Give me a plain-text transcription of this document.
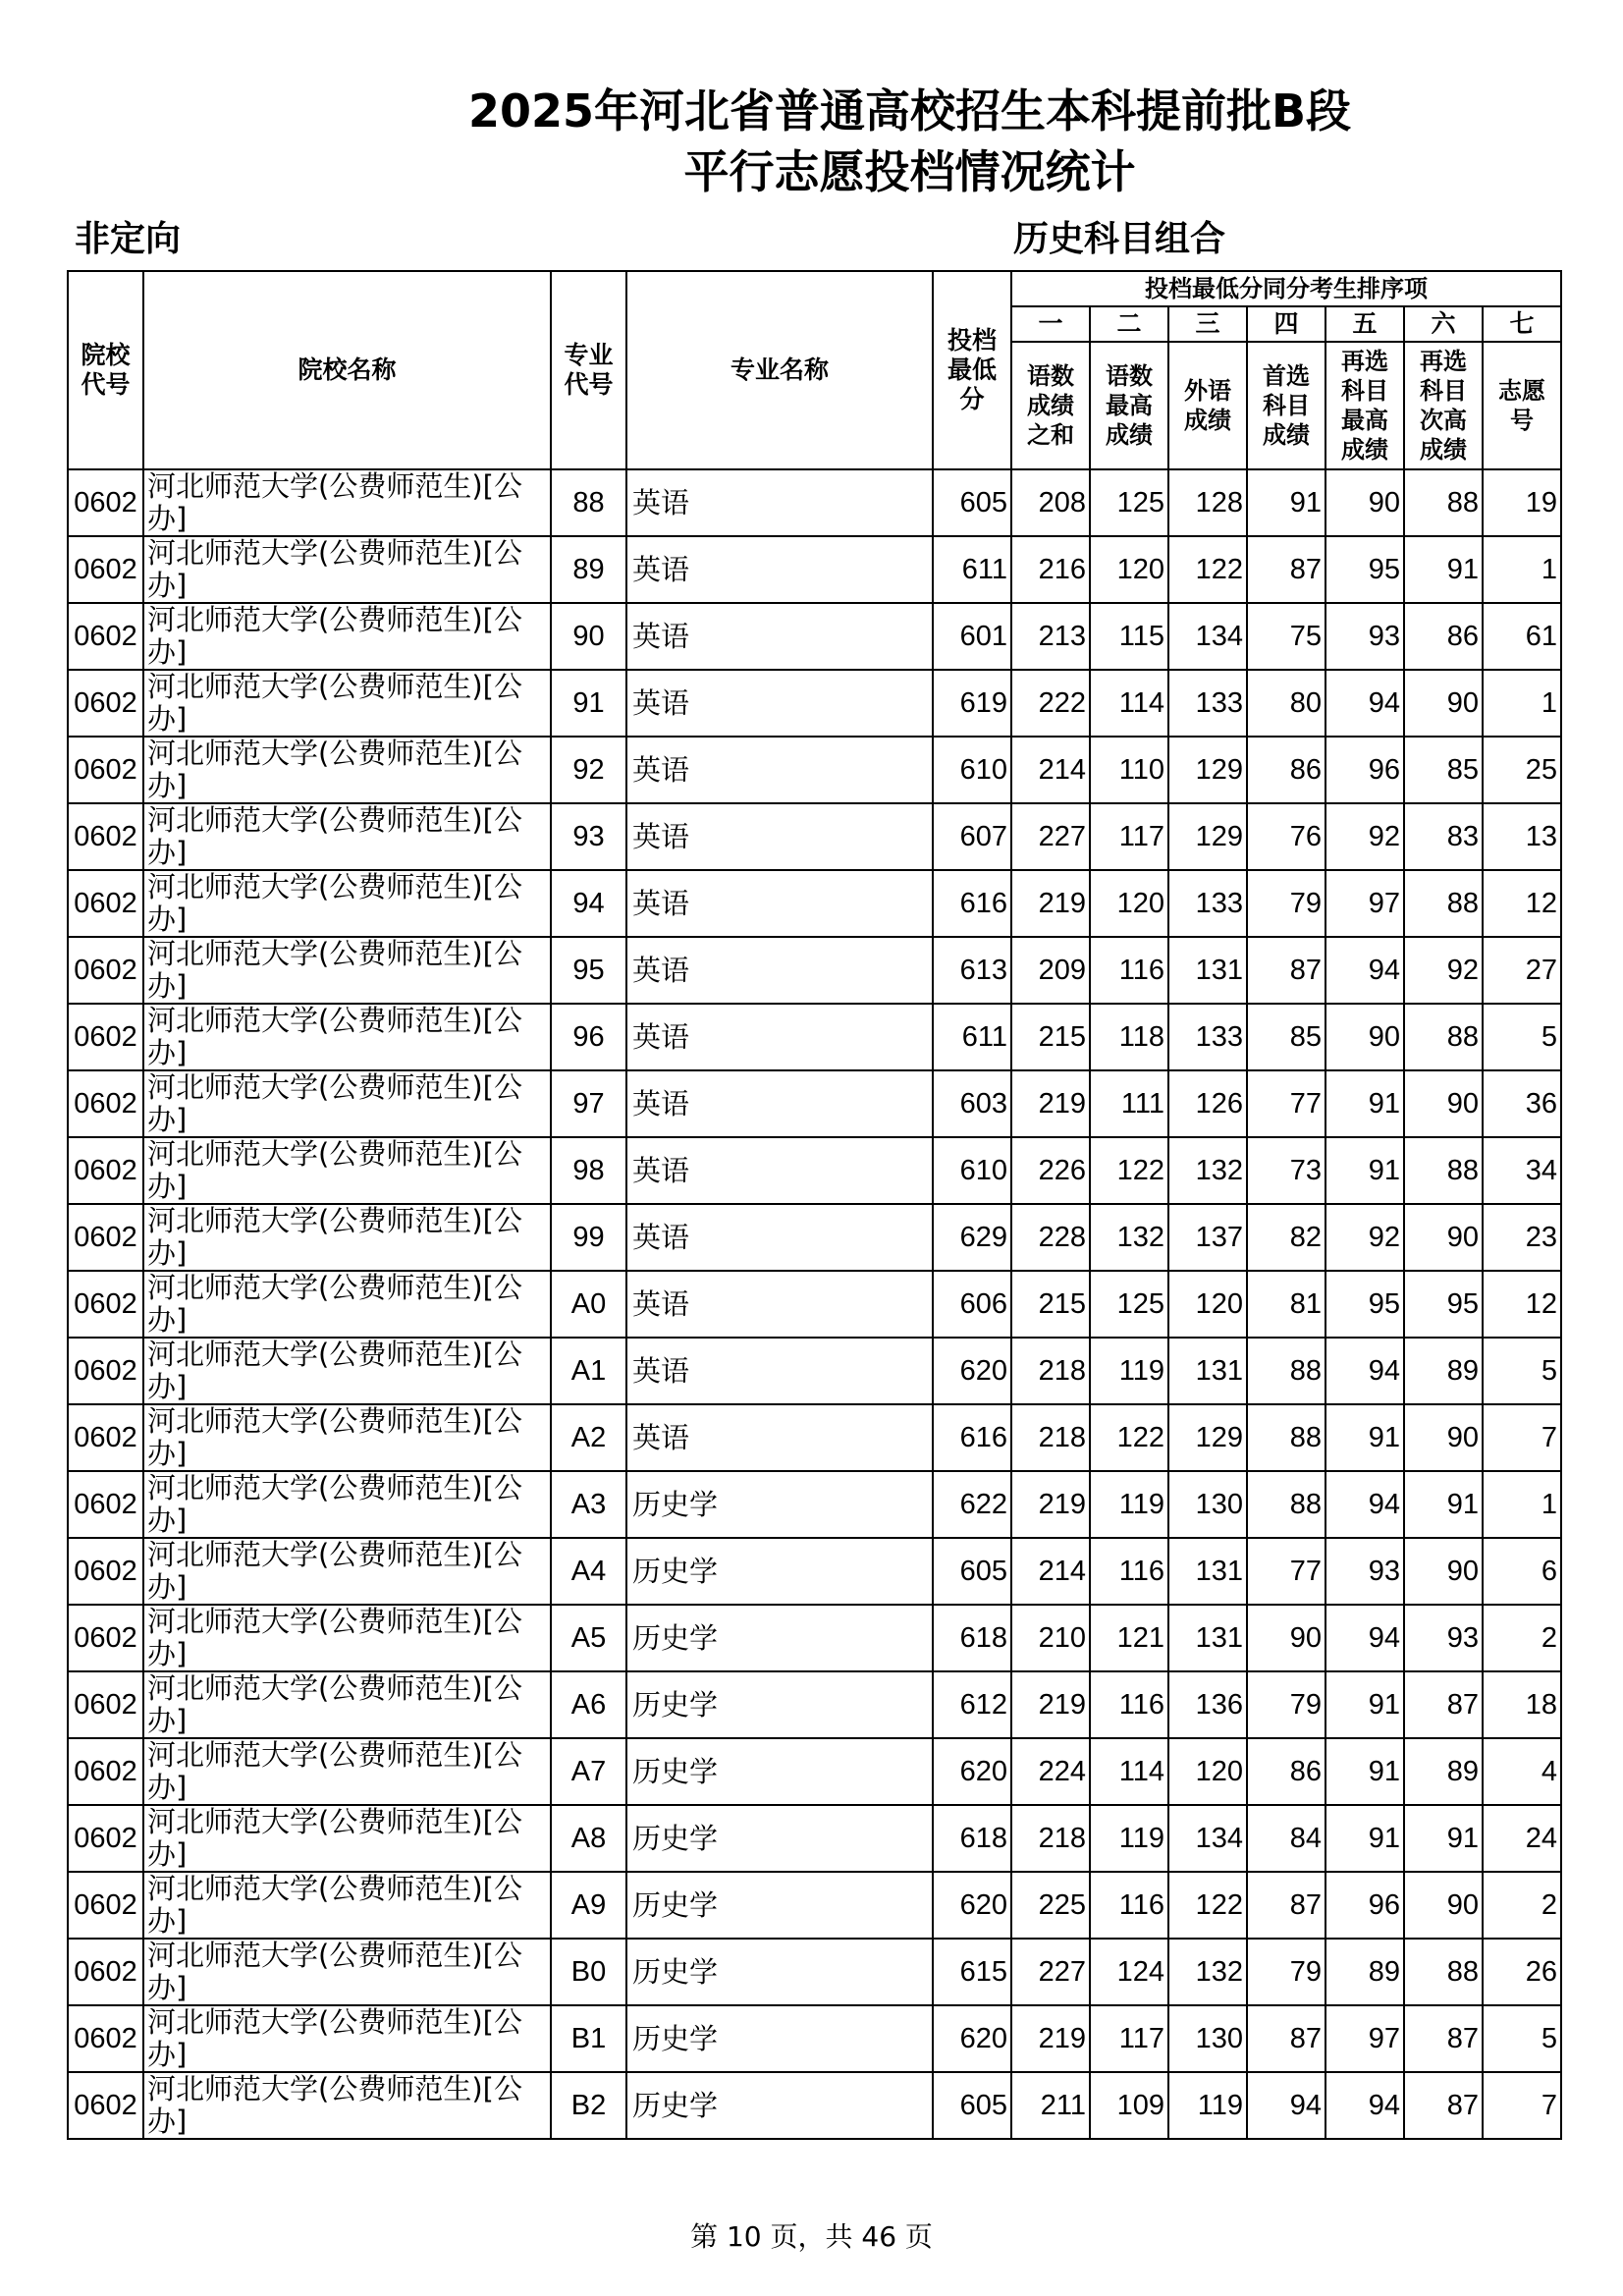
2025年河北省普通高校招生本科提前批B段
平行志愿投档情况统计
非定向	历史科目组合
院校代号	院校名称	专业代号	专业名称	投档最低分	投档最低分同分考生排序项						
					一	二	三	四	五	六	七
					语数成绩之和	语数最高成绩	外语成绩	首选科目成绩	再选科目最高成绩	再选科目次高成绩	志愿号
0602	河北师范大学(公费师范生)[公办]	88	英语	605	208	125	128	91	90	88	19
0602	河北师范大学(公费师范生)[公办]	89	英语	611	216	120	122	87	95	91	1
0602	河北师范大学(公费师范生)[公办]	90	英语	601	213	115	134	75	93	86	61
0602	河北师范大学(公费师范生)[公办]	91	英语	619	222	114	133	80	94	90	1
0602	河北师范大学(公费师范生)[公办]	92	英语	610	214	110	129	86	96	85	25
0602	河北师范大学(公费师范生)[公办]	93	英语	607	227	117	129	76	92	83	13
0602	河北师范大学(公费师范生)[公办]	94	英语	616	219	120	133	79	97	88	12
0602	河北师范大学(公费师范生)[公办]	95	英语	613	209	116	131	87	94	92	27
0602	河北师范大学(公费师范生)[公办]	96	英语	611	215	118	133	85	90	88	5
0602	河北师范大学(公费师范生)[公办]	97	英语	603	219	111	126	77	91	90	36
0602	河北师范大学(公费师范生)[公办]	98	英语	610	226	122	132	73	91	88	34
0602	河北师范大学(公费师范生)[公办]	99	英语	629	228	132	137	82	92	90	23
0602	河北师范大学(公费师范生)[公办]	A0	英语	606	215	125	120	81	95	95	12
0602	河北师范大学(公费师范生)[公办]	A1	英语	620	218	119	131	88	94	89	5
0602	河北师范大学(公费师范生)[公办]	A2	英语	616	218	122	129	88	91	90	7
0602	河北师范大学(公费师范生)[公办]	A3	历史学	622	219	119	130	88	94	91	1
0602	河北师范大学(公费师范生)[公办]	A4	历史学	605	214	116	131	77	93	90	6
0602	河北师范大学(公费师范生)[公办]	A5	历史学	618	210	121	131	90	94	93	2
0602	河北师范大学(公费师范生)[公办]	A6	历史学	612	219	116	136	79	91	87	18
0602	河北师范大学(公费师范生)[公办]	A7	历史学	620	224	114	120	86	91	89	4
0602	河北师范大学(公费师范生)[公办]	A8	历史学	618	218	119	134	84	91	91	24
0602	河北师范大学(公费师范生)[公办]	A9	历史学	620	225	116	122	87	96	90	2
0602	河北师范大学(公费师范生)[公办]	B0	历史学	615	227	124	132	79	89	88	26
0602	河北师范大学(公费师范生)[公办]	B1	历史学	620	219	117	130	87	97	87	5
0602	河北师范大学(公费师范生)[公办]	B2	历史学	605	211	109	119	94	94	87	7
第 10 页，共 46 页
